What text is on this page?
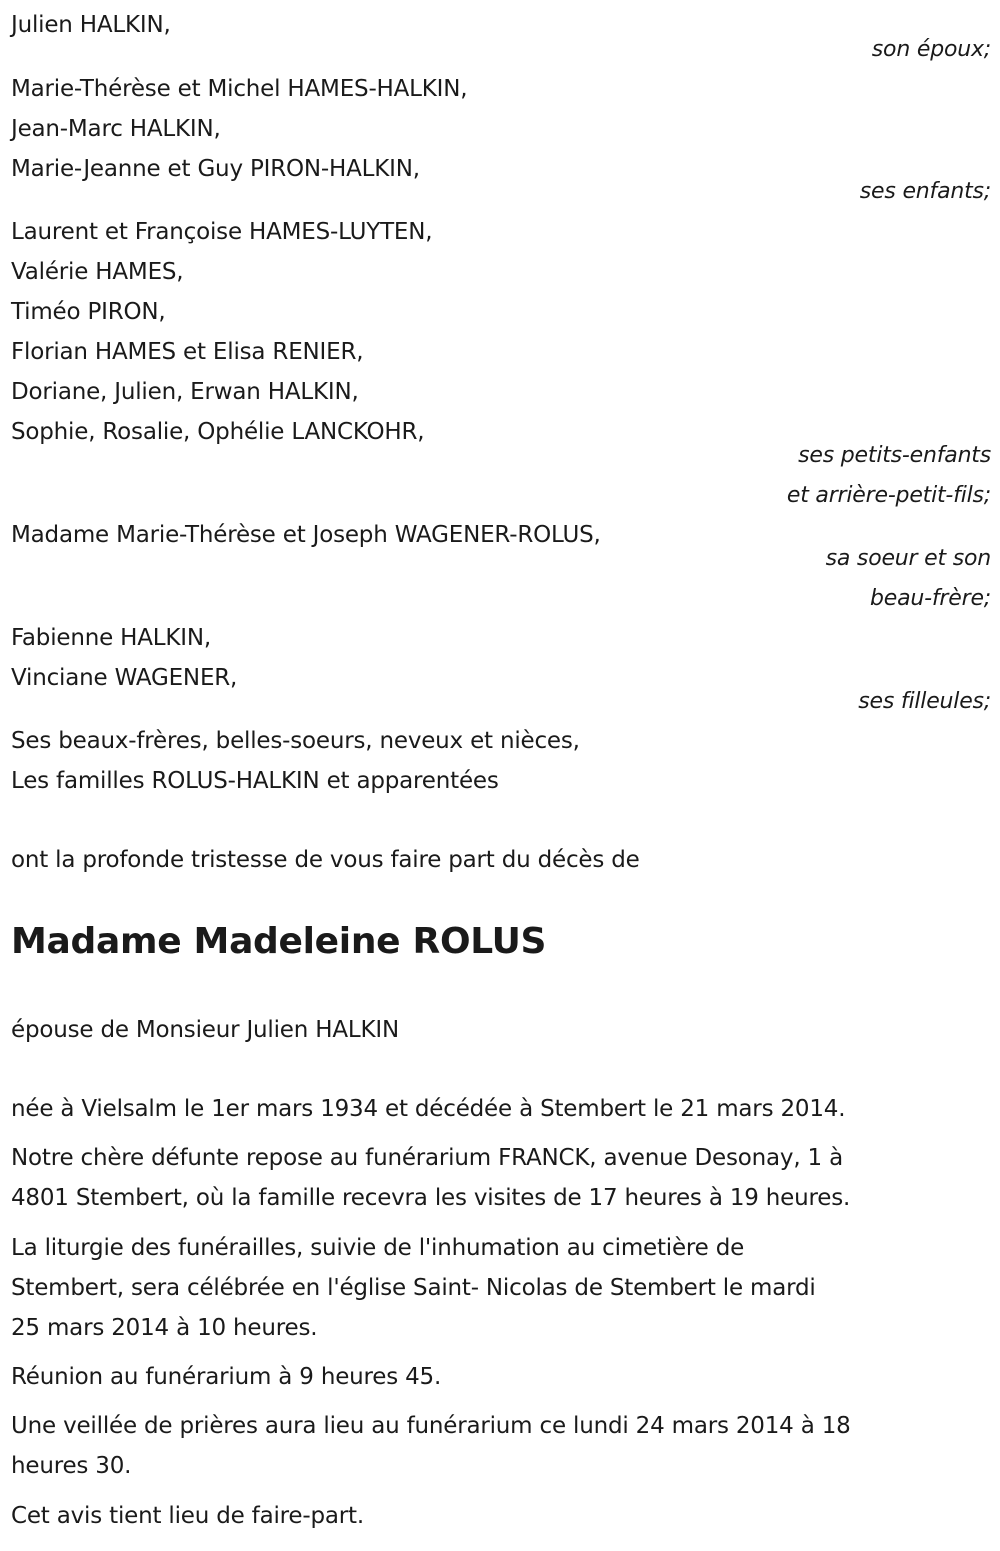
Julien HALKIN,
son époux;
Marie-Thérèse et Michel HAMES-HALKIN,
Jean-Marc HALKIN,
Marie-Jeanne et Guy PIRON-HALKIN,
ses enfants;
Laurent et Françoise HAMES-LUYTEN,
Valérie HAMES,
Timéo PIRON,
Florian HAMES et Elisa RENIER,
Doriane, Julien, Erwan HALKIN,
Sophie, Rosalie, Ophélie LANCKOHR,
ses petits-enfants
et arrière-petit-fils;
Madame Marie-Thérèse et Joseph WAGENER-ROLUS,
sa soeur et son
beau-frère;
Fabienne HALKIN,
Vinciane WAGENER,
ses filleules;
Ses beaux-frères, belles-soeurs, neveux et nièces,
Les familles ROLUS-HALKIN et apparentées
ont la profonde tristesse de vous faire part du décès de
Madame Madeleine ROLUS
épouse de Monsieur Julien HALKIN
née à Vielsalm le 1er mars 1934 et décédée à Stembert le 21 mars 2014.
Notre chère défunte repose au funérarium FRANCK, avenue Desonay, 1 à
4801 Stembert, où la famille recevra les visites de 17 heures à 19 heures.
La liturgie des funérailles, suivie de l'inhumation au cimetière de
Stembert, sera célébrée en l'église Saint- Nicolas de Stembert le mardi
25 mars 2014 à 10 heures.
Réunion au funérarium à 9 heures 45.
Une veillée de prières aura lieu au funérarium ce lundi 24 mars 2014 à 18
heures 30.
Cet avis tient lieu de faire-part.
